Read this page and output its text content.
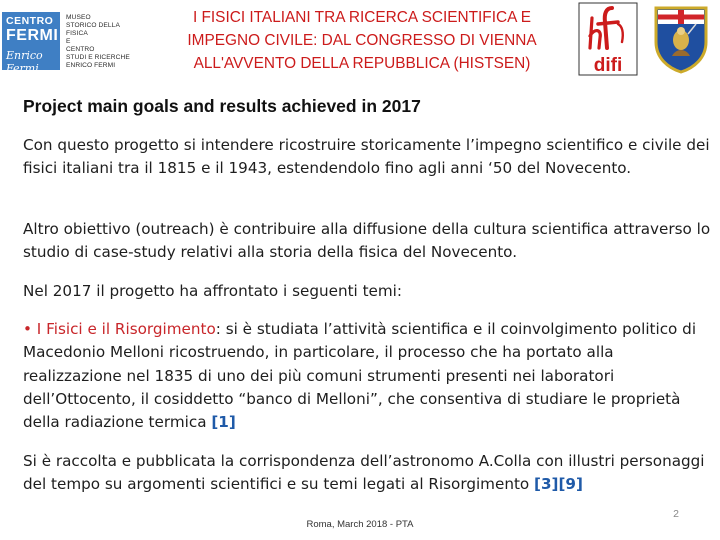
CENTRO
FERMI
Enrico Fermi
MUSEO
STORICO DELLA FISICA
E
CENTRO
STUDI E RICERCHE
ENRICO FERMI
I FISICI ITALIANI TRA RICERCA SCIENTIFICA E
IMPEGNO CIVILE: DAL CONGRESSO DI VIENNA
ALL'AVVENTO DELLA REPUBBLICA (HISTSEN)	difi
Project main goals and results achieved in 2017

Con questo progetto si intendere ricostruire storicamente l’impegno scientifico e civile dei fisici italiani tra il 1815 e il 1943, estendendolo fino agli anni ‘50 del Novecento.

Altro obiettivo (outreach) è contribuire alla diffusione della cultura scientifica attraverso lo studio di case-study relativi alla storia della fisica del Novecento.

Nel 2017 il progetto ha affrontato i seguenti temi:

• I Fisici e il Risorgimento: si è studiata l’attività scientifica e il coinvolgimento politico di Macedonio Melloni ricostruendo, in particolare, il processo che ha portato alla realizzazione nel 1835 di uno dei più comuni strumenti presenti nei laboratori dell’Ottocento, il cosiddetto “banco di Melloni”, che consentiva di studiare le proprietà della radiazione termica [1]

Si è raccolta e pubblicata la corrispondenza dell’astronomo A.Colla con illustri personaggi del tempo su argomenti scientifici e su temi legati al Risorgimento [3][9]

Roma, March 2018 - PTA
2
